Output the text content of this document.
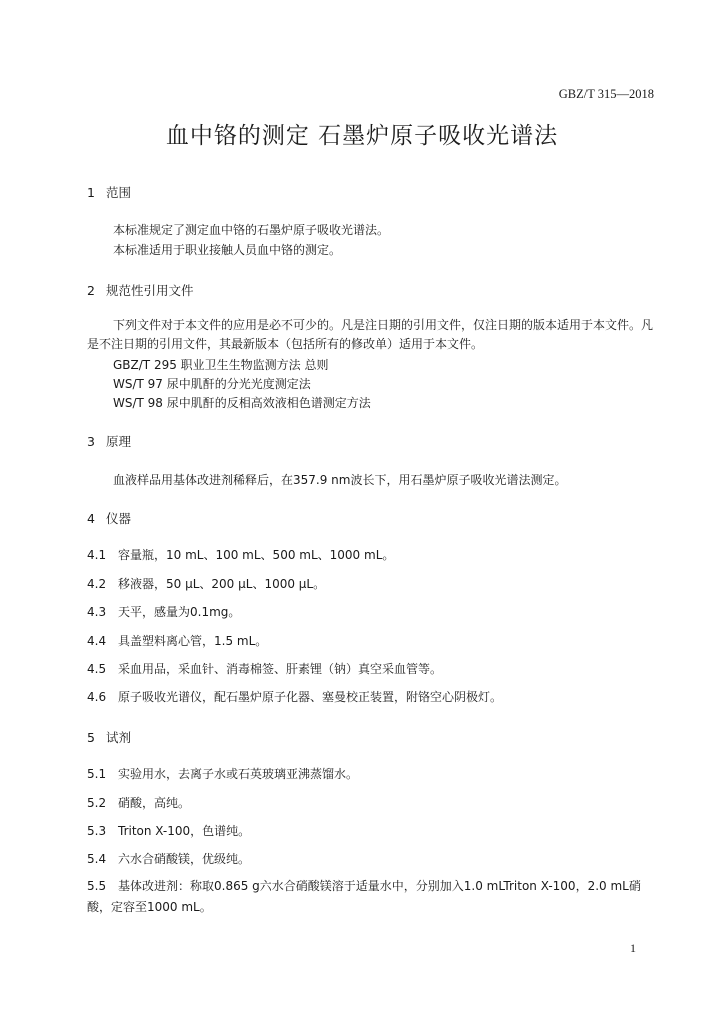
GBZ/T 315—2018
血中铬的测定 石墨炉原子吸收光谱法
1 范围
本标准规定了测定血中铬的石墨炉原子吸收光谱法。
本标准适用于职业接触人员血中铬的测定。
2 规范性引用文件
下列文件对于本文件的应用是必不可少的。凡是注日期的引用文件，仅注日期的版本适用于本文件。凡是不注日期的引用文件，其最新版本（包括所有的修改单）适用于本文件。
GBZ/T 295 职业卫生生物监测方法 总则
WS/T 97 尿中肌酐的分光光度测定法
WS/T 98 尿中肌酐的反相高效液相色谱测定方法
3 原理
血液样品用基体改进剂稀释后，在357.9 nm波长下，用石墨炉原子吸收光谱法测定。
4 仪器
4.1 容量瓶，10 mL、100 mL、500 mL、1000 mL。
4.2 移液器，50 μL、200 μL、1000 μL。
4.3 天平，感量为0.1mg。
4.4 具盖塑料离心管，1.5 mL。
4.5 采血用品，采血针、消毒棉签、肝素锂（钠）真空采血管等。
4.6 原子吸收光谱仪，配石墨炉原子化器、塞曼校正装置，附铬空心阴极灯。
5 试剂
5.1 实验用水，去离子水或石英玻璃亚沸蒸馏水。
5.2 硝酸，高纯。
5.3 Triton X-100，色谱纯。
5.4 六水合硝酸镁，优级纯。
5.5 基体改进剂：称取0.865 g六水合硝酸镁溶于适量水中，分别加入1.0 mLTriton X-100，2.0 mL硝酸，定容至1000 mL。
1
